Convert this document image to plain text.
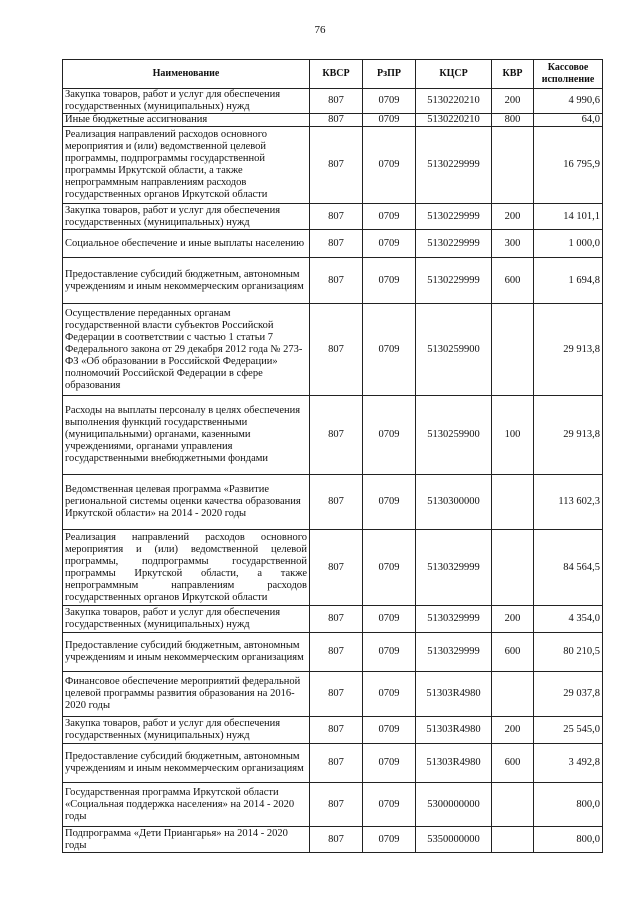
76
Наименование	КВСР	РзПР	КЦСР	КВР	Кассовое исполнение
Закупка товаров, работ и услуг для обеспечения государственных (муниципальных) нужд	807	0709	5130220210	200	4 990,6
Иные бюджетные ассигнования	807	0709	5130220210	800	64,0
Реализация направлений расходов основного мероприятия и (или) ведомственной целевой программы, подпрограммы государственной программы Иркутской области, а также непрограммным направлениям расходов государственных органов Иркутской области	807	0709	5130229999		16 795,9
Закупка товаров, работ и услуг для обеспечения государственных (муниципальных) нужд	807	0709	5130229999	200	14 101,1
Социальное обеспечение и иные выплаты населению	807	0709	5130229999	300	1 000,0
Предоставление субсидий бюджетным, автономным учреждениям и иным некоммерческим организациям	807	0709	5130229999	600	1 694,8
Осуществление переданных органам государственной власти субъектов Российской Федерации в соответствии с частью 1 статьи 7 Федерального закона от 29 декабря 2012 года № 273-ФЗ «Об образовании в Российской Федерации» полномочий Российской Федерации в сфере образования	807	0709	5130259900		29 913,8
Расходы на выплаты персоналу в целях обеспечения выполнения функций государственными (муниципальными) органами, казенными учреждениями, органами управления государственными внебюджетными фондами	807	0709	5130259900	100	29 913,8
Ведомственная целевая программа «Развитие региональной системы оценки качества образования Иркутской области» на 2014 - 2020 годы	807	0709	5130300000		113 602,3
Реализация направлений расходов основного мероприятия и (или) ведомственной целевой программы, подпрограммы государственной программы Иркутской области, а также непрограммным направлениям расходов государственных органов Иркутской области	807	0709	5130329999		84 564,5
Закупка товаров, работ и услуг для обеспечения государственных (муниципальных) нужд	807	0709	5130329999	200	4 354,0
Предоставление субсидий бюджетным, автономным учреждениям и иным некоммерческим организациям	807	0709	5130329999	600	80 210,5
Финансовое обеспечение мероприятий федеральной целевой программы развития образования на 2016-2020 годы	807	0709	51303R4980		29 037,8
Закупка товаров, работ и услуг для обеспечения государственных (муниципальных) нужд	807	0709	51303R4980	200	25 545,0
Предоставление субсидий бюджетным, автономным учреждениям и иным некоммерческим организациям	807	0709	51303R4980	600	3 492,8
Государственная программа Иркутской области «Социальная поддержка населения» на 2014 - 2020 годы	807	0709	5300000000		800,0
Подпрограмма «Дети Приангарья» на 2014 - 2020 годы	807	0709	5350000000		800,0
